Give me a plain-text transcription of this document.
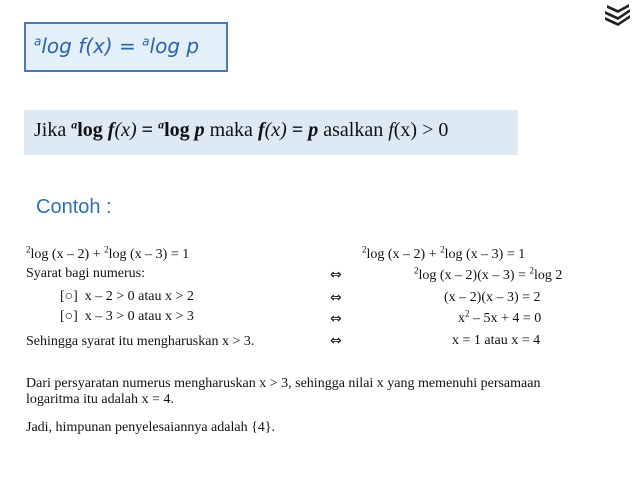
$^a$log f(x) = $^a$log p
Jika $^a$log f(x) = $^a$log p maka f(x) = p asalkan f(x) > 0
Contoh :
$^2$log (x – 2) + $^2$log (x – 3) = 1
Syarat bagi numerus:
[○] x – 2 > 0 atau x > 2
[○] x – 3 > 0 atau x > 3
Sehingga syarat itu mengharuskan x > 3.
⇔
⇔
⇔
⇔
$^2$log (x – 2) + $^2$log (x – 3) = 1
$^2$log (x – 2)(x – 3) = $^2$log 2
(x – 2)(x – 3) = 2
$x^2 - 5x + 4 = 0$
x = 1 atau x = 4
Dari persyaratan numerus mengharuskan x > 3, sehingga nilai x yang memenuhi persamaan
logaritma itu adalah x = 4.
Jadi, himpunan penyelesaiannya adalah {4}.
